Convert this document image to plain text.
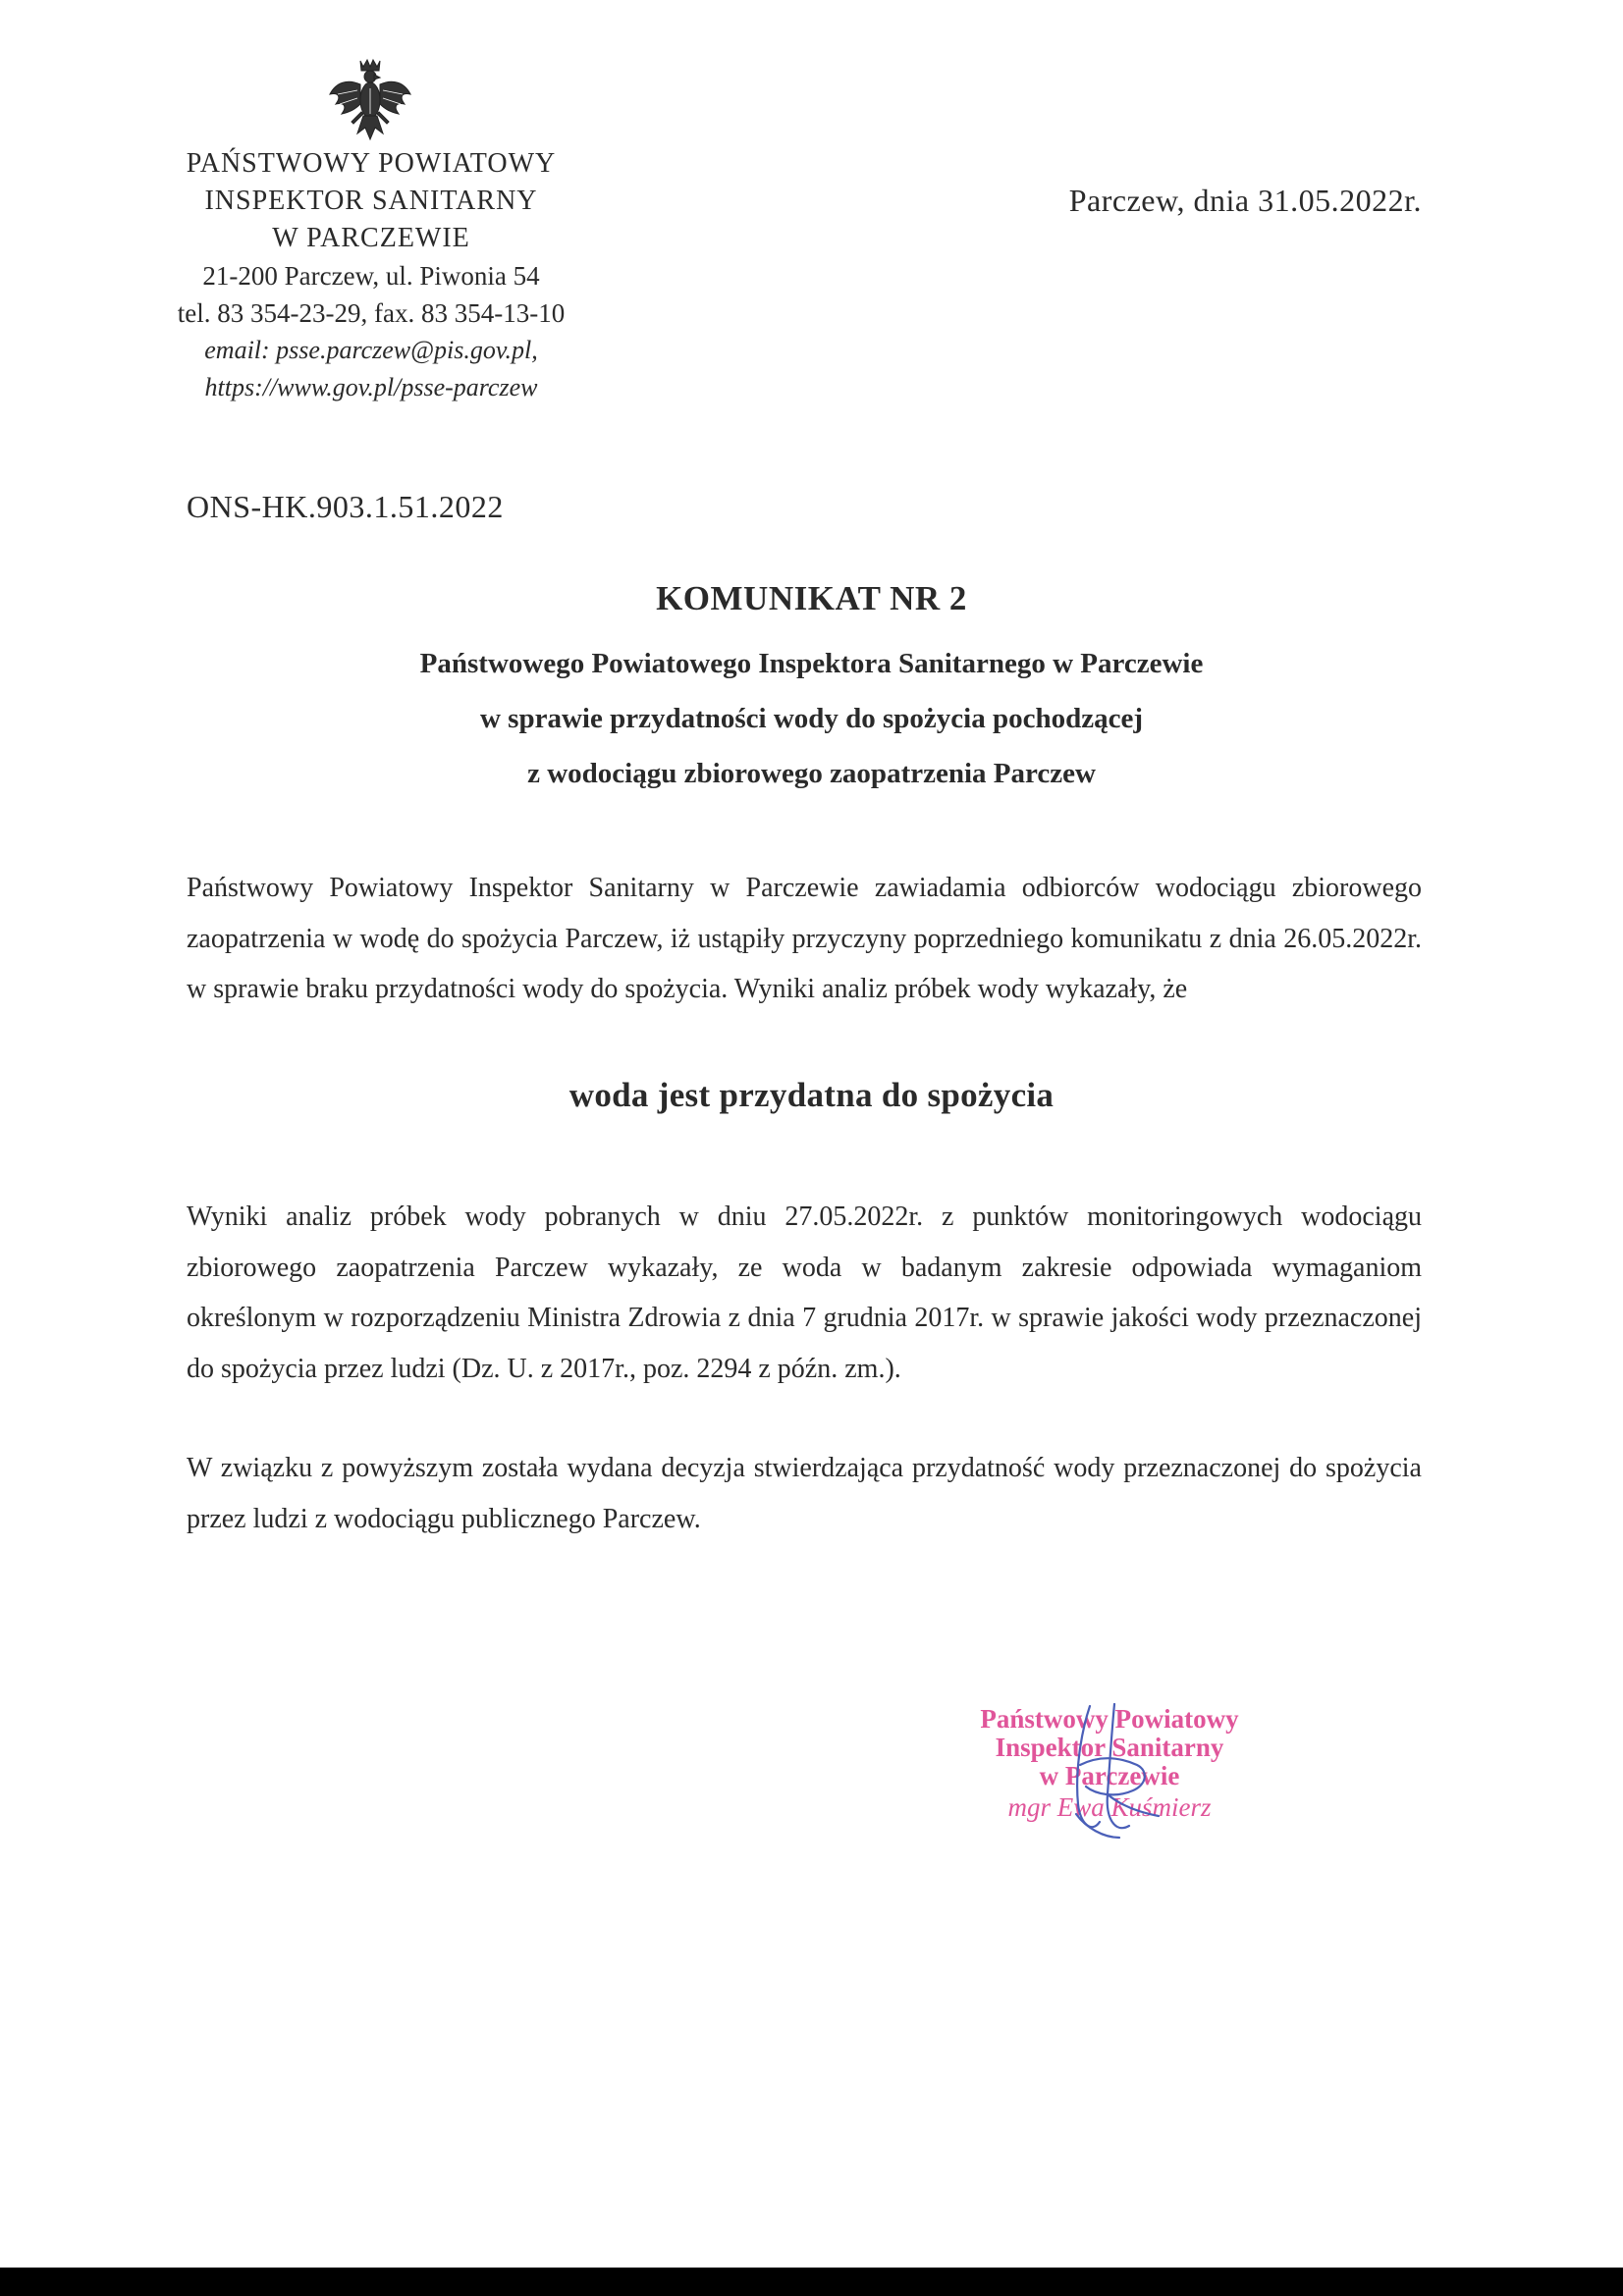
PAŃSTWOWY POWIATOWY
INSPEKTOR SANITARNY
W PARCZEWIE
21-200 Parczew, ul. Piwonia 54
tel. 83 354-23-29, fax. 83 354-13-10
email: psse.parczew@pis.gov.pl,
https://www.gov.pl/psse-parczew
Parczew, dnia 31.05.2022r.
ONS-HK.903.1.51.2022
KOMUNIKAT NR 2
Państwowego Powiatowego Inspektora Sanitarnego w Parczewie
w sprawie przydatności wody do spożycia pochodzącej
z wodociągu zbiorowego zaopatrzenia Parczew
Państwowy Powiatowy Inspektor Sanitarny w Parczewie zawiadamia odbiorców wodociągu zbiorowego zaopatrzenia w wodę do spożycia Parczew, iż ustąpiły przyczyny poprzedniego komunikatu z dnia 26.05.2022r. w sprawie braku przydatności wody do spożycia. Wyniki analiz próbek wody wykazały, że
woda jest przydatna do spożycia
Wyniki analiz próbek wody pobranych w dniu 27.05.2022r. z punktów monitoringowych wodociągu zbiorowego zaopatrzenia Parczew wykazały, ze woda w badanym zakresie odpowiada wymaganiom określonym w rozporządzeniu Ministra Zdrowia z dnia 7 grudnia 2017r. w sprawie jakości wody przeznaczonej do spożycia przez ludzi (Dz. U. z 2017r., poz. 2294 z późn. zm.).
W związku z powyższym została wydana decyzja stwierdzająca przydatność wody przeznaczonej do spożycia przez ludzi z wodociągu publicznego Parczew.
Państwowy Powiatowy
Inspektor Sanitarny
w Parczewie
mgr Ewa Kuśmierz
